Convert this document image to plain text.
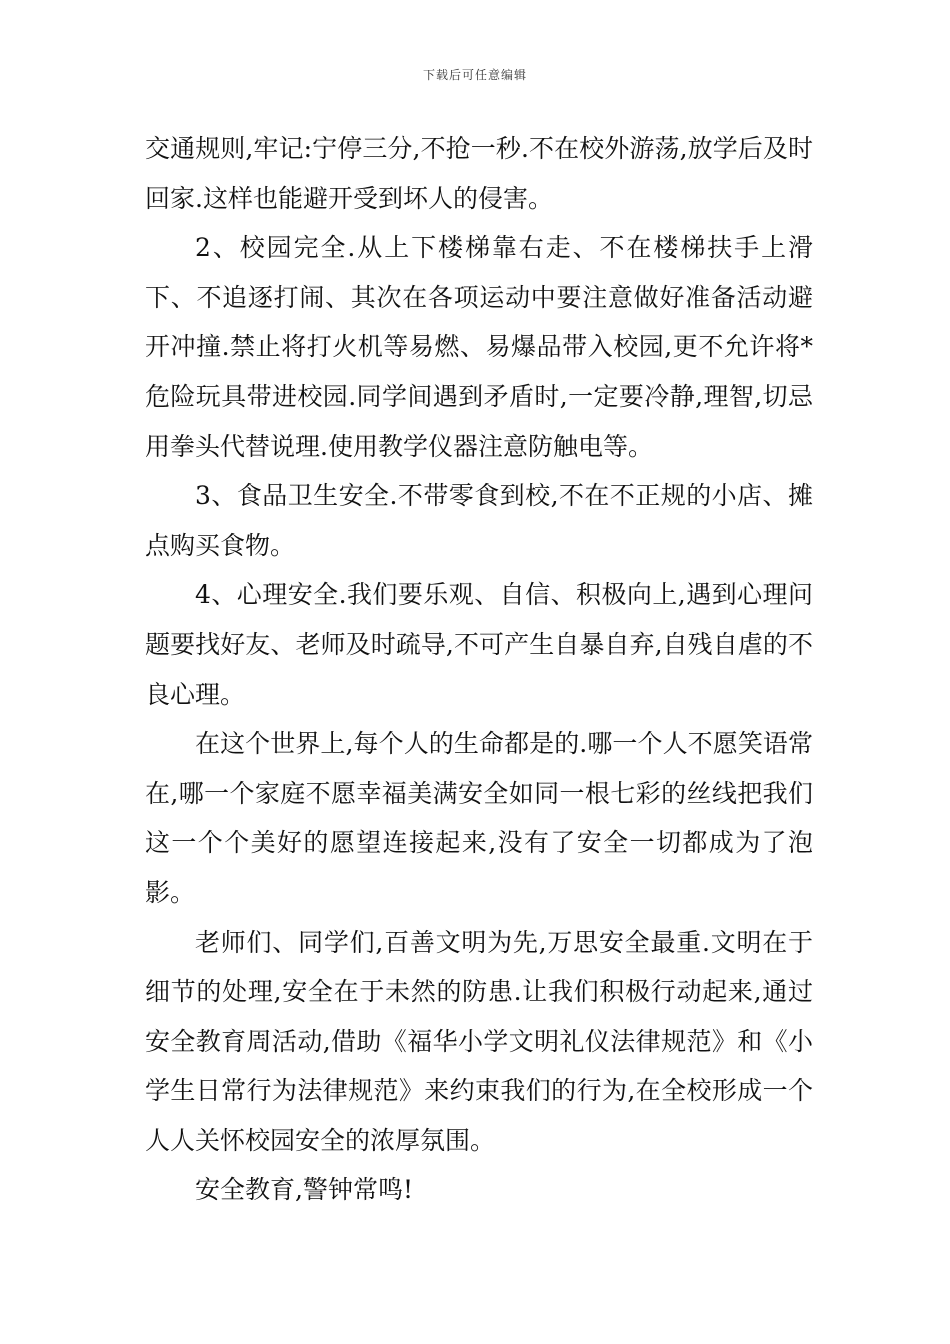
下载后可任意编辑

交通规则,牢记:宁停三分,不抢一秒.不在校外游荡,放学后及时回家.这样也能避开受到坏人的侵害。

2、校园完全.从上下楼梯靠右走、不在楼梯扶手上滑下、不追逐打闹、其次在各项运动中要注意做好准备活动避开冲撞.禁止将打火机等易燃、易爆品带入校园,更不允许将*危险玩具带进校园.同学间遇到矛盾时,一定要冷静,理智,切忌用拳头代替说理.使用教学仪器注意防触电等。

3、食品卫生安全.不带零食到校,不在不正规的小店、摊点购买食物。

4、心理安全.我们要乐观、自信、积极向上,遇到心理问题要找好友、老师及时疏导,不可产生自暴自弃,自残自虐的不良心理。

在这个世界上,每个人的生命都是的.哪一个人不愿笑语常在,哪一个家庭不愿幸福美满安全如同一根七彩的丝线把我们这一个个美好的愿望连接起来,没有了安全一切都成为了泡影。

老师们、同学们,百善文明为先,万思安全最重.文明在于细节的处理,安全在于未然的防患.让我们积极行动起来,通过安全教育周活动,借助《福华小学文明礼仪法律规范》和《小学生日常行为法律规范》来约束我们的行为,在全校形成一个人人关怀校园安全的浓厚氛围。

安全教育,警钟常鸣!
